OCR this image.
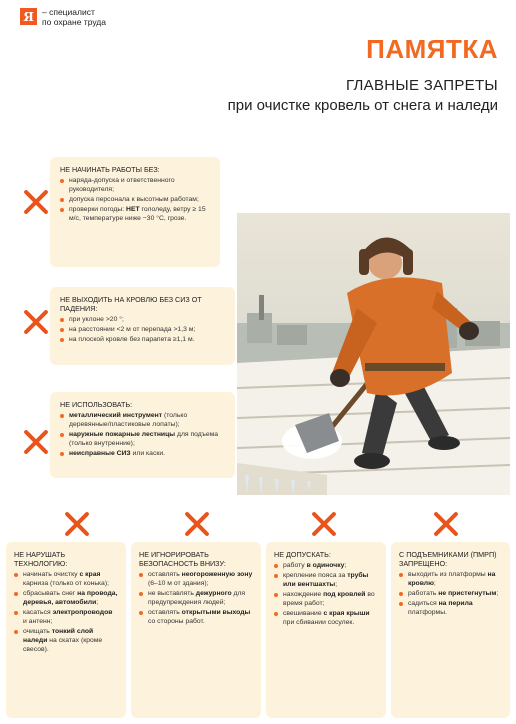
Я – специалист
по охране труда
ПАМЯТКА
ГЛАВНЫЕ ЗАПРЕТЫ
при очистке кровель от снега и наледи
НЕ НАЧИНАТЬ РАБОТЫ БЕЗ:
наряда-допуска и ответственного руководителя;
допуска персонала к высотным работам;
проверки погоды: НЕТ гололеду, ветру ≥ 15 м/с, температуре ниже −30 °С, грозе.
НЕ ВЫХОДИТЬ НА КРОВЛЮ БЕЗ СИЗ ОТ ПАДЕНИЯ:
при уклоне >20 °;
на расстоянии <2 м от перепада >1,3 м;
на плоской кровле без парапета ≥1,1 м.
НЕ ИСПОЛЬЗОВАТЬ:
металлический инструмент (только деревянные/пластиковые лопаты);
наружные пожарные лестницы для подъема (только внутренние);
неисправные СИЗ или каски.
НЕ НАРУШАТЬ ТЕХНОЛОГИЮ:
начинать очистку с края карниза (только от конька);
сбрасывать снег на провода, деревья, автомобили;
касаться электропроводов и антенн;
очищать тонкий слой наледи на скатах (кроме свесов).
НЕ ИГНОРИРОВАТЬ БЕЗОПАСНОСТЬ ВНИЗУ:
оставлять неогороженную зону (6–10 м от здания);
не выставлять дежурного для предупреждения людей;
оставлять открытыми выходы со стороны работ.
НЕ ДОПУСКАТЬ:
работу в одиночку;
крепление пояса за трубы или вентшахты;
нахождение под кровлей во время работ;
свешивание с края крыши при сбивании сосулек.
С ПОДЪЕМНИКАМИ (ПМРП) ЗАПРЕЩЕНО:
выходить из платформы на кровлю;
работать не пристегнутым;
садиться на перила платформы.
